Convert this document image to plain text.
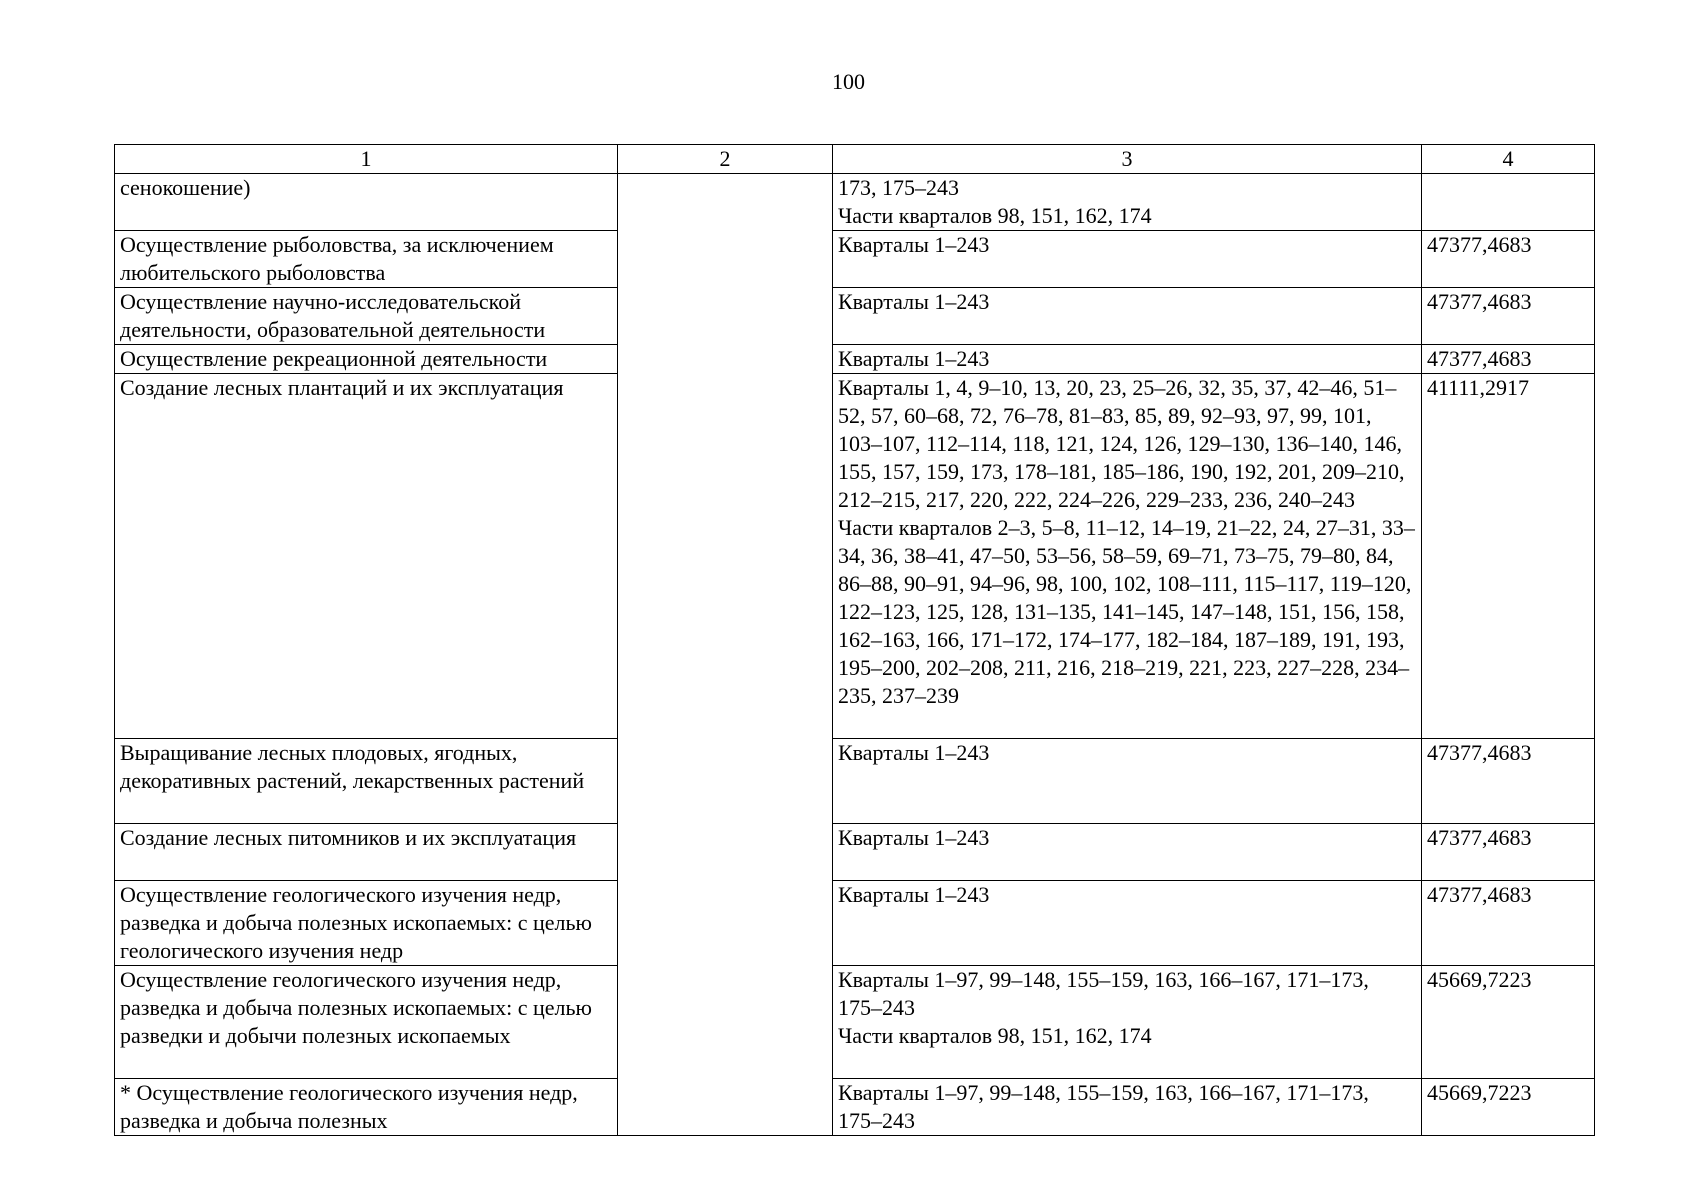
100
1	2	3	4

сенокошение)		173, 175–243
Части кварталов 98, 151, 162, 174	

Осуществление рыболовства, за исключением любительского рыболовства		Кварталы 1–243	47377,4683

Осуществление научно-исследовательской деятельности, образовательной деятельности		Кварталы 1–243	47377,4683

Осуществление рекреационной деятельности		Кварталы 1–243	47377,4683

Создание лесных плантаций и их эксплуатация		Кварталы 1, 4, 9–10, 13, 20, 23, 25–26, 32, 35, 37, 42–46, 51–52, 57, 60–68, 72, 76–78, 81–83, 85, 89, 92–93, 97, 99, 101, 103–107, 112–114, 118, 121, 124, 126, 129–130, 136–140, 146, 155, 157, 159, 173, 178–181, 185–186, 190, 192, 201, 209–210, 212–215, 217, 220, 222, 224–226, 229–233, 236, 240–243
Части кварталов 2–3, 5–8, 11–12, 14–19, 21–22, 24, 27–31, 33–34, 36, 38–41, 47–50, 53–56, 58–59, 69–71, 73–75, 79–80, 84, 86–88, 90–91, 94–96, 98, 100, 102, 108–111, 115–117, 119–120, 122–123, 125, 128, 131–135, 141–145, 147–148, 151, 156, 158, 162–163, 166, 171–172, 174–177, 182–184, 187–189, 191, 193, 195–200, 202–208, 211, 216, 218–219, 221, 223, 227–228, 234–235, 237–239	41111,2917

Выращивание лесных плодовых, ягодных, декоративных растений, лекарственных растений		Кварталы 1–243	47377,4683

Создание лесных питомников и их эксплуатация		Кварталы 1–243	47377,4683

Осуществление геологического изучения недр, разведка и добыча полезных ископаемых: с целью геологического изучения недр		Кварталы 1–243	47377,4683

Осуществление геологического изучения недр, разведка и добыча полезных ископаемых: с целью разведки и добычи полезных ископаемых		Кварталы 1–97, 99–148, 155–159, 163, 166–167, 171–173, 175–243
Части кварталов 98, 151, 162, 174	45669,7223

* Осуществление геологического изучения недр, разведка и добыча полезных		Кварталы 1–97, 99–148, 155–159, 163, 166–167, 171–173, 175–243	45669,7223
